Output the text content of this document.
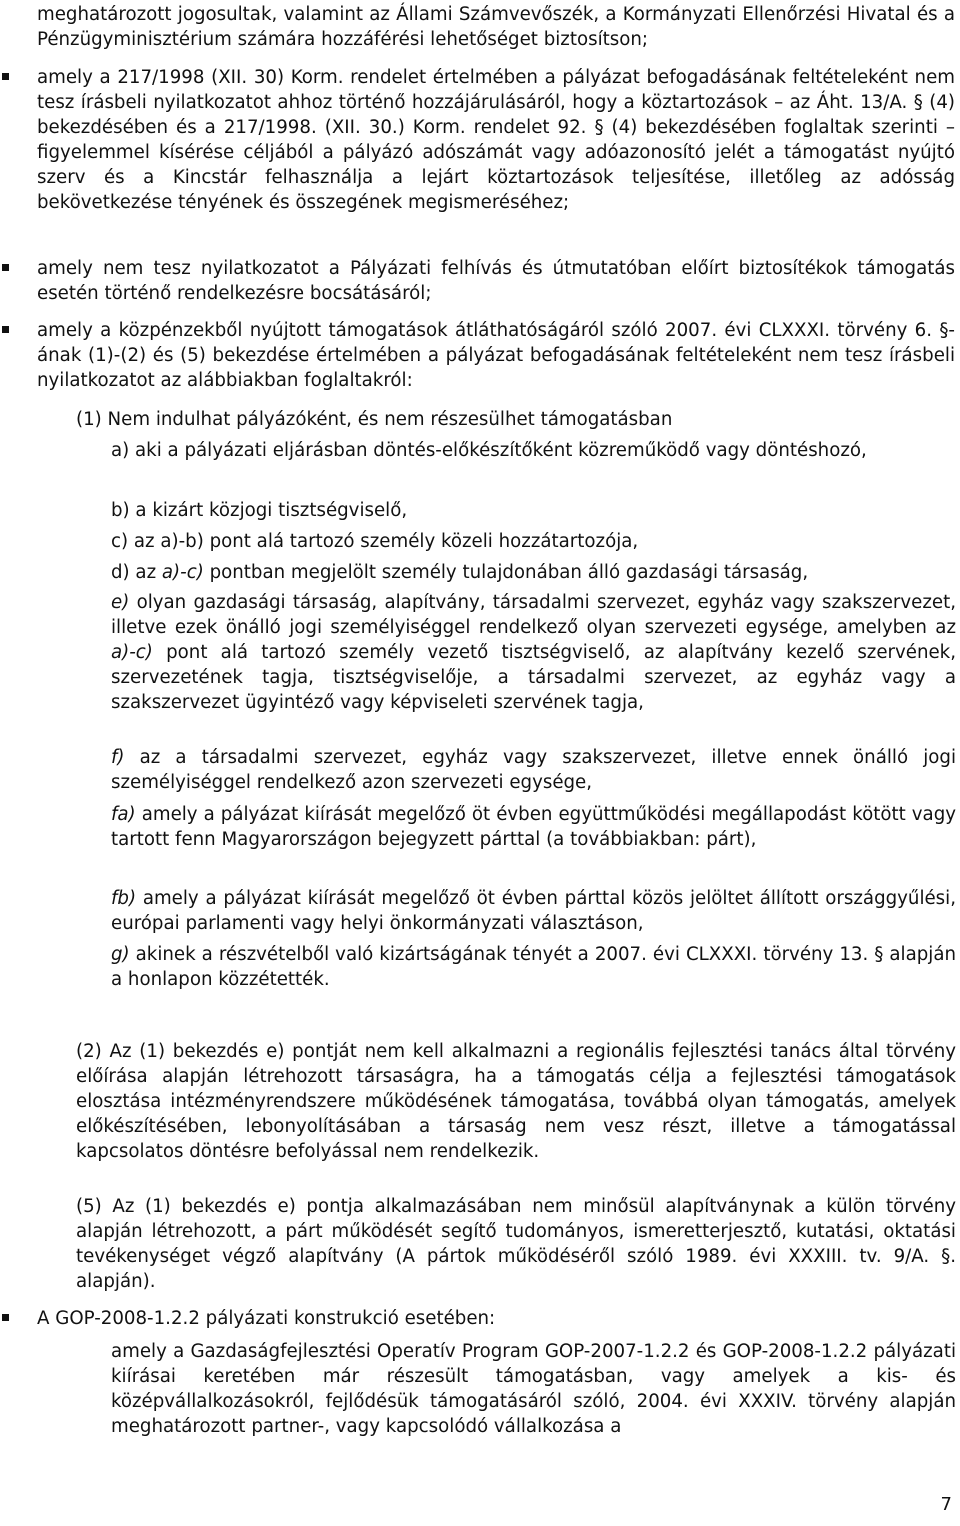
meghatározott jogosultak, valamint az Állami Számvevőszék, a Kormányzati Ellenőrzési Hivatal és a Pénzügyminisztérium számára hozzáférési lehetőséget biztosítson;

amely a 217/1998 (XII. 30) Korm. rendelet értelmében a pályázat befogadásának feltételeként nem tesz írásbeli nyilatkozatot ahhoz történő hozzájárulásáról, hogy a köztartozások – az Áht. 13/A. § (4) bekezdésében és a 217/1998. (XII. 30.) Korm. rendelet 92. § (4) bekezdésében foglaltak szerinti – figyelemmel kísérése céljából a pályázó adószámát vagy adóazonosító jelét a támogatást nyújtó szerv és a Kincstár felhasználja a lejárt köztartozások teljesítése, illetőleg az adósság bekövetkezése tényének és összegének megismeréséhez;

amely nem tesz nyilatkozatot a Pályázati felhívás és útmutatóban előírt biztosítékok támogatás esetén történő rendelkezésre bocsátásáról;

amely a közpénzekből nyújtott támogatások átláthatóságáról szóló 2007. évi CLXXXI. törvény 6. §-ának (1)-(2) és (5) bekezdése értelmében a pályázat befogadásának feltételeként nem tesz írásbeli nyilatkozatot az alábbiakban foglaltakról:

(1) Nem indulhat pályázóként, és nem részesülhet támogatásban

a) aki a pályázati eljárásban döntés-előkészítőként közreműködő vagy döntéshozó,

b) a kizárt közjogi tisztségviselő,

c) az a)-b) pont alá tartozó személy közeli hozzátartozója,

d) az a)-c) pontban megjelölt személy tulajdonában álló gazdasági társaság,

e) olyan gazdasági társaság, alapítvány, társadalmi szervezet, egyház vagy szakszervezet, illetve ezek önálló jogi személyiséggel rendelkező olyan szervezeti egysége, amelyben az a)-c) pont alá tartozó személy vezető tisztségviselő, az alapítvány kezelő szervének, szervezetének tagja, tisztségviselője, a társadalmi szervezet, az egyház vagy a szakszervezet ügyintéző vagy képviseleti szervének tagja,

f) az a társadalmi szervezet, egyház vagy szakszervezet, illetve ennek önálló jogi személyiséggel rendelkező azon szervezeti egysége,

fa) amely a pályázat kiírását megelőző öt évben együttműködési megállapodást kötött vagy tartott fenn Magyarországon bejegyzett párttal (a továbbiakban: párt),

fb) amely a pályázat kiírását megelőző öt évben párttal közös jelöltet állított országgyűlési, európai parlamenti vagy helyi önkormányzati választáson,

g) akinek a részvételből való kizártságának tényét a 2007. évi CLXXXI. törvény 13. § alapján a honlapon közzétették.

(2) Az (1) bekezdés e) pontját nem kell alkalmazni a regionális fejlesztési tanács által törvény előírása alapján létrehozott társaságra, ha a támogatás célja a fejlesztési támogatások elosztása intézményrendszere működésének támogatása, továbbá olyan támogatás, amelyek előkészítésében, lebonyolításában a társaság nem vesz részt, illetve a támogatással kapcsolatos döntésre befolyással nem rendelkezik.

(5) Az (1) bekezdés e) pontja alkalmazásában nem minősül alapítványnak a külön törvény alapján létrehozott, a párt működését segítő tudományos, ismeretterjesztő, kutatási, oktatási tevékenységet végző alapítvány (A pártok működéséről szóló 1989. évi XXXIII. tv. 9/A. §. alapján).

A GOP-2008-1.2.2 pályázati konstrukció esetében:

amely a Gazdaságfejlesztési Operatív Program GOP-2007-1.2.2 és GOP-2008-1.2.2 pályázati kiírásai keretében már részesült támogatásban, vagy amelyek a kis- és középvállalkozásokról, fejlődésük támogatásáról szóló, 2004. évi XXXIV. törvény alapján meghatározott partner-, vagy kapcsolódó vállalkozása a

7
